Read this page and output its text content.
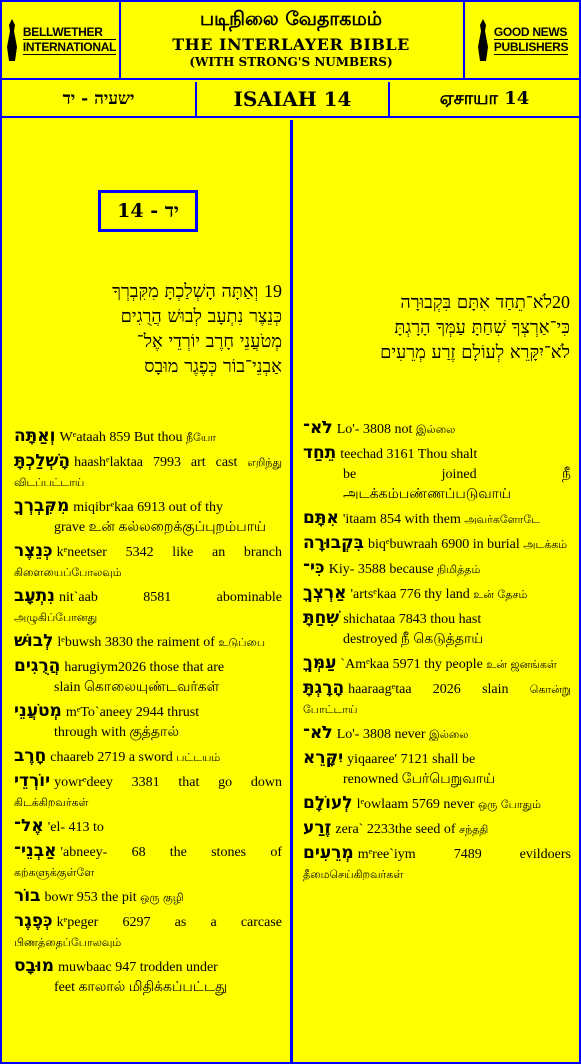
BELLWETHER
INTERNATIONAL
படிநிலை வேதாகமம்
THE INTERLAYER BIBLE
(WITH STRONG'S NUMBERS)
GOOD NEWS
PUBLISHERS
ישעיה - יד	ISAIAH 14	ஏசாயா 14
יד - 14
19 וְאַתָּה הָשְׁלַכְתָּ מִקִּבְרְךָ
כְּנֵצֶר נִתְעָב לְבוּשׁ הֲרֻגִים
מְטֹעֲנֵי חָרֶב יוֹרְדֵי אֶל־
אַבְנֵי־בוֹר כְּפֶגֶר מוּבָס
20לֹא־תֵחַד אִתָּם בִּקְבוּרָה
כִּי־אַרְצְךָ שִׁחַתָּ עַמְּךָ הָרָגְתָּ
לֹא־יִקָּרֵא לְעוֹלָם זֶרַע מְרֵעִים
וְאַתָּה Wᵉataah 859 But thou நீயோ
הָשְׁלַכְתָּ haashᵉlaktaa 7993 art cast எறிந்து விடப்பட்டாய்
מִקִּבְרְךָ miqibrᵉkaa 6913 out of thy
grave உன் கல்லறைக்குப்புறம்பாய்
כְּנֵצֶר kᵉneetser 5342 like an branch கிளையைப்போலவும்
נִתְעָב nit`aab 8581 abominable அழுகிப்போனது
לְבוּשׁ lᵉbuwsh 3830 the raiment of உடுப்பை
הֲרֻגִים harugiym2026 those that are
slain கொலையுண்டவர்கள்
מְטֹעֲנֵי mᵉTo`aneey 2944 thrust
through with குத்தால்
חָרֶב chaareb 2719 a sword பட்டயம்
יוֹרְדֵי yowrᵉdeey 3381 that go down கிடக்கிறவர்கள்
אֶל־ 'el- 413 to
אַבְנֵי־ 'abneey- 68 the stones of கற்களுக்குள்ளே
בוֹר bowr 953 the pit ஒரு குழி
כְּפֶגֶר kᵉpeger 6297 as a carcase பிணத்தைப்போலவும்
מוּבָס muwbaac 947 trodden under
feet காலால் மிதிக்கப்பட்டது
לֹא־ Lo'- 3808 not இல்லை
תֵחַד teechad 3161 Thou shalt
be joined நீ அடக்கம்பண்ணப்படுவாய்
אִתָּם 'itaam 854 with them அவர்களோடே
בִּקְבוּרָה biqᵉbuwraah 6900 in burial அடக்கம்
כִּי־ Kiy- 3588 because நிமித்தம்
אַרְצְךָ 'artsᵉkaa 776 thy land உன் தேசம்
שִׁחַתָּ shichataa 7843 thou hast
destroyed நீ கெடுத்தாய்
עַמְּךָ `Amᵉkaa 5971 thy people உன் ஜனங்கள்
הָרָגְתָּ haaraagᵉtaa 2026 slain கொன்று போட்டாய்
לֹא־ Lo'- 3808 never இல்லை
יִקָּרֵא yiqaaree' 7121 shall be
renowned பேர்பெறுவாய்
לְעוֹלָם lᵉowlaam 5769 never ஒரு போதும்
זֶרַע zera` 2233the seed of சந்ததி
מְרֵעִים mᵉree`iym 7489 evildoers தீமைசெய்கிறவர்கள்
